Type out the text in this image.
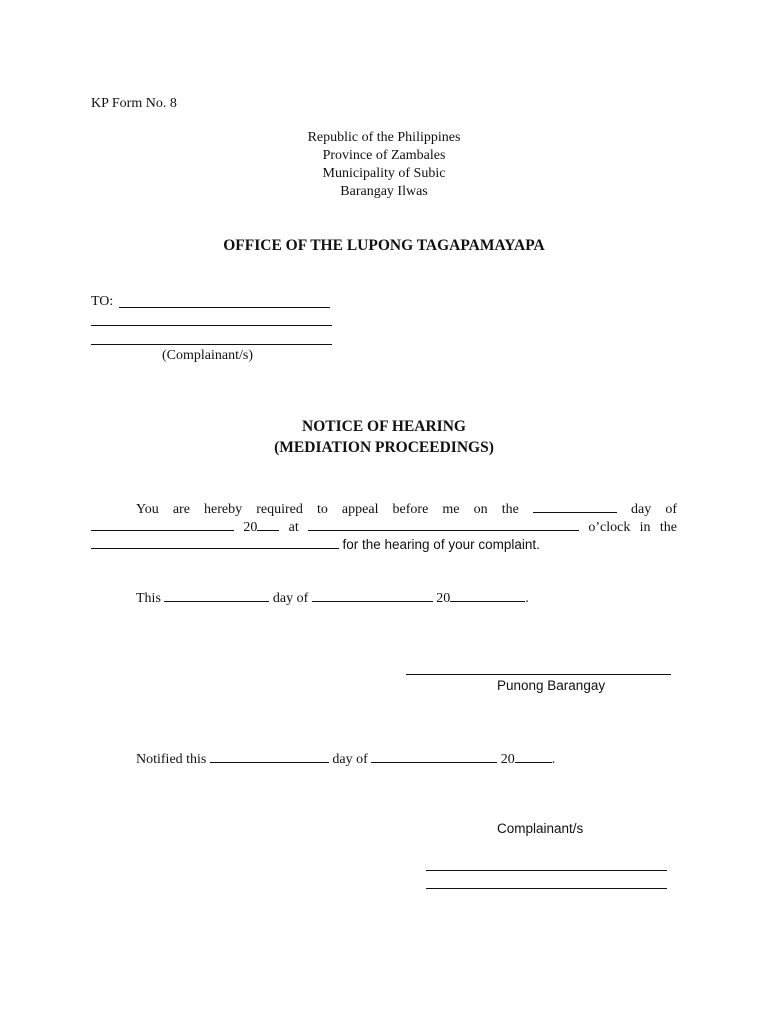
KP Form No. 8
Republic of the Philippines
Province of Zambales
Municipality of Subic
Barangay Ilwas
OFFICE OF THE LUPONG TAGAPAMAYAPA
TO:
(Complainant/s)
NOTICE OF HEARING
(MEDIATION PROCEEDINGS)
You are hereby required to appeal before me on the	day of
20	at	o’clock in the
for the hearing of your complaint.
This	day of	20	.
Punong Barangay
Notified this	day of	20	.
Complainant/s
